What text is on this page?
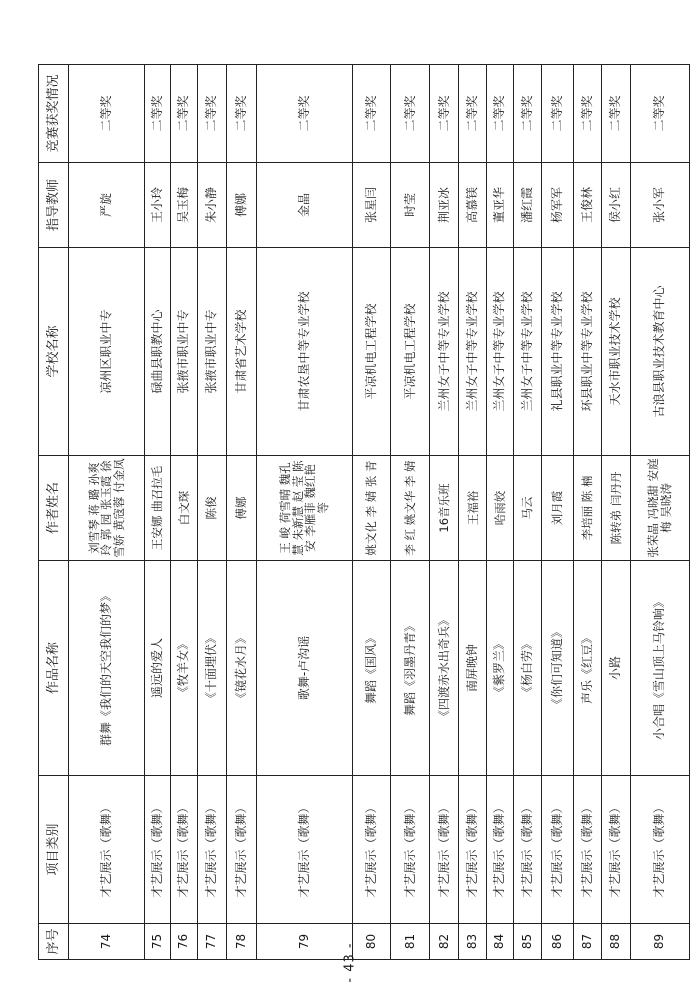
序号	项目类别	作品名称	作者姓名	学校名称	指导教师	竞赛获奖情况
74	才艺展示（歌舞）	群舞《我们的天空我们的梦》	刘雪琴 蒋 璐 孙爽玲 郭 园 张玉霞 徐雪娇 黄寇蓉 付金凤	凉州区职业中专	严旋	二等奖
75	才艺展示（歌舞）	遥远的爱人	王安娜 曲召拉毛	碌曲县职教中心	王小玲	二等奖
76	才艺展示（歌舞）	《牧羊女》	白文琛	张掖市职业中专	吴玉梅	二等奖
77	才艺展示（歌舞）	《十面埋伏》	陈俊	张掖市职业中专	朱小静	二等奖
78	才艺展示（歌舞）	《镜花水月》	傅娜	甘肃省艺术学校	傅娜	二等奖
79	才艺展示（歌舞）	歌舞-卢沟谣	王 峻 荷雪晴 魏孔慧 朱新慧 赵 莹 陈 安 李雁菲 魏红艳 等	甘肃农垦中等专业学校	金晶	二等奖
80	才艺展示（歌舞）	舞蹈《国风》	姚文化 李 婧 张 青	平凉机电工程学校	张星闫	二等奖
81	才艺展示（歌舞）	舞蹈《羽墨丹青》	李 红 姚文华 李 婧	平凉机电工程学校	时莹	二等奖
82	才艺展示（歌舞）	《四渡赤水出奇兵》	16音乐班	兰州女子中等专业学校	荆亚冰	二等奖
83	才艺展示（歌舞）	南屏晚钟	王福裕	兰州女子中等专业学校	高慕镁	二等奖
84	才艺展示（歌舞）	《紫罗兰》	哈雨姣	兰州女子中等专业学校	董亚华	二等奖
85	才艺展示（歌舞）	《杨白劳》	马云	兰州女子中等专业学校	潘红霞	二等奖
86	才艺展示（歌舞）	《你们可知道》	刘月霞	礼县职业中等专业学校	杨军军	二等奖
87	才艺展示（歌舞）	声乐《红豆》	李培丽 陈 楠	环县职业中等专业学校	王俊林	二等奖
88	才艺展示（歌舞）	小路	陈转弟 闫丹丹	天水市职业技术学校	侯小红	二等奖
89	才艺展示（歌舞）	小合唱《雪山顶上马铃响》	张荣晶 冯晓甜 安庭梅 吴晓涛	古浪县职业技术教育中心	张小军	二等奖
- 43 -
